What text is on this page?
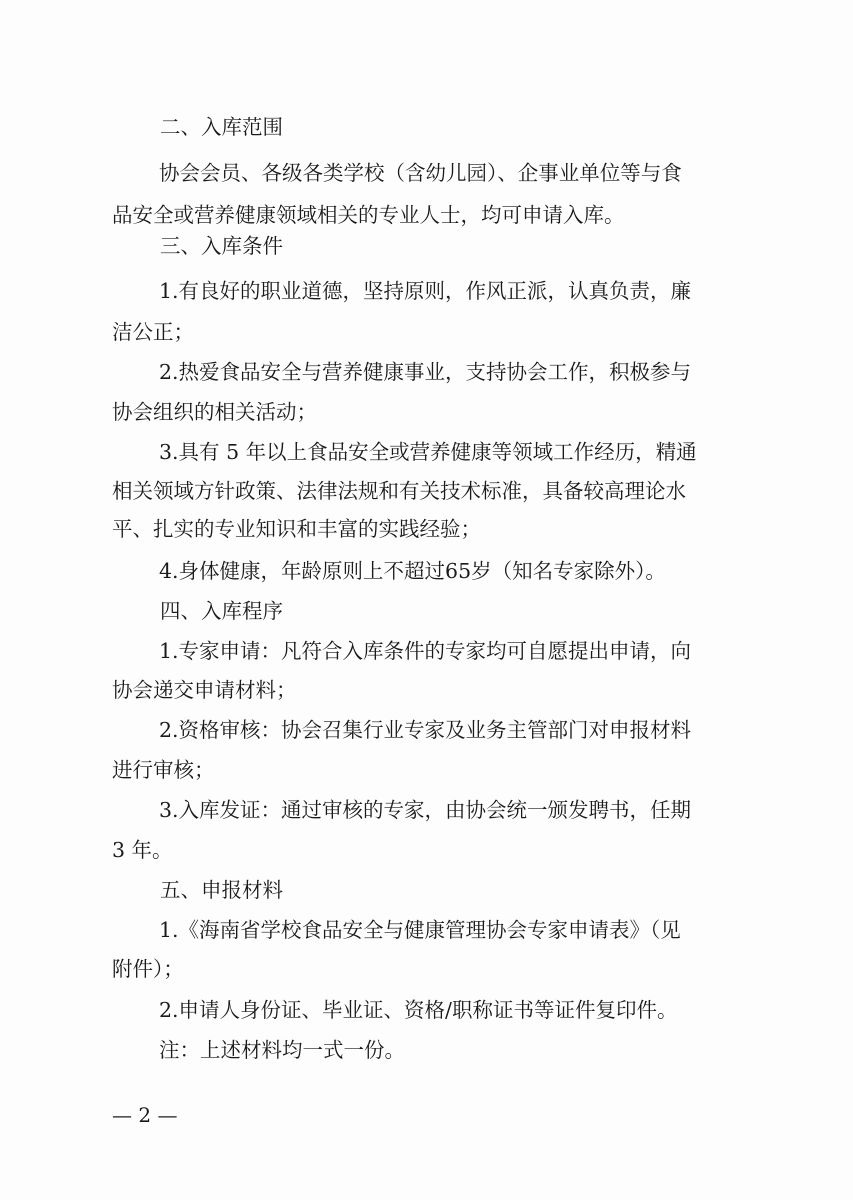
二、入库范围
协会会员、各级各类学校（含幼儿园）、企事业单位等与食
品安全或营养健康领域相关的专业人士，均可申请入库。
三、入库条件
1.有良好的职业道德，坚持原则，作风正派，认真负责，廉
洁公正；
2.热爱食品安全与营养健康事业，支持协会工作，积极参与
协会组织的相关活动；
3.具有 5 年以上食品安全或营养健康等领域工作经历，精通
相关领域方针政策、法律法规和有关技术标准，具备较高理论水
平、扎实的专业知识和丰富的实践经验；
4.身体健康，年龄原则上不超过65岁（知名专家除外）。
四、入库程序
1.专家申请：凡符合入库条件的专家均可自愿提出申请，向
协会递交申请材料；
2.资格审核：协会召集行业专家及业务主管部门对申报材料
进行审核；
3.入库发证：通过审核的专家，由协会统一颁发聘书，任期
3 年。
五、申报材料
1.《海南省学校食品安全与健康管理协会专家申请表》（见
附件）；
2.申请人身份证、毕业证、资格/职称证书等证件复印件。
注：上述材料均一式一份。
— 2 —
